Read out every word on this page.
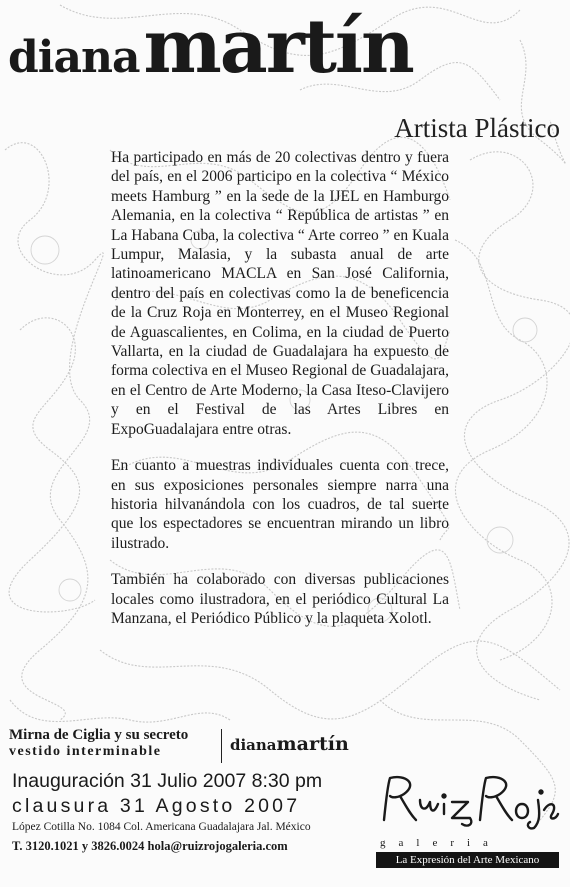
dianamartín
Artista Plástico

Ha participado en más de 20 colectivas dentro y fuera del país, en el 2006 participo en la colectiva “ México meets Hamburg ” en la sede de la IJEL en Hamburgo Alemania, en la colectiva “ República de artistas ” en La Habana Cuba, la colectiva “ Arte correo ” en Kuala Lumpur, Malasia, y la subasta anual de arte latinoamericano MACLA en San José California, dentro del país en colectivas como la de beneficencia de la Cruz Roja en Monterrey, en el Museo Regional de Aguascalientes, en Colima, en la ciudad de Puerto Vallarta, en la ciudad de Guadalajara ha expuesto de forma colectiva en el Museo Regional de Guadalajara, en el Centro de Arte Moderno, la Casa Iteso-Clavijero y en el Festival de las Artes Libres en ExpoGuadalajara entre otras.

En cuanto a muestras individuales cuenta con trece, en sus exposiciones personales siempre narra una historia hilvanándola con los cuadros, de tal suerte que los espectadores se encuentran mirando un libro ilustrado.

También ha colaborado con diversas publicaciones locales como ilustradora, en el periódico Cultural La Manzana, el Periódico Público y la plaqueta Xolotl.

Mirna de Ciglia y su secreto
vestido interminable	dianamartín
Inauguración 31 Julio 2007 8:30 pm
clausura 31 Agosto 2007
López Cotilla No. 1084 Col. Americana Guadalajara Jal. México
T. 3120.1021 y 3826.0024 hola@ruizrojogaleria.com	galeria
La Expresión del Arte Mexicano
